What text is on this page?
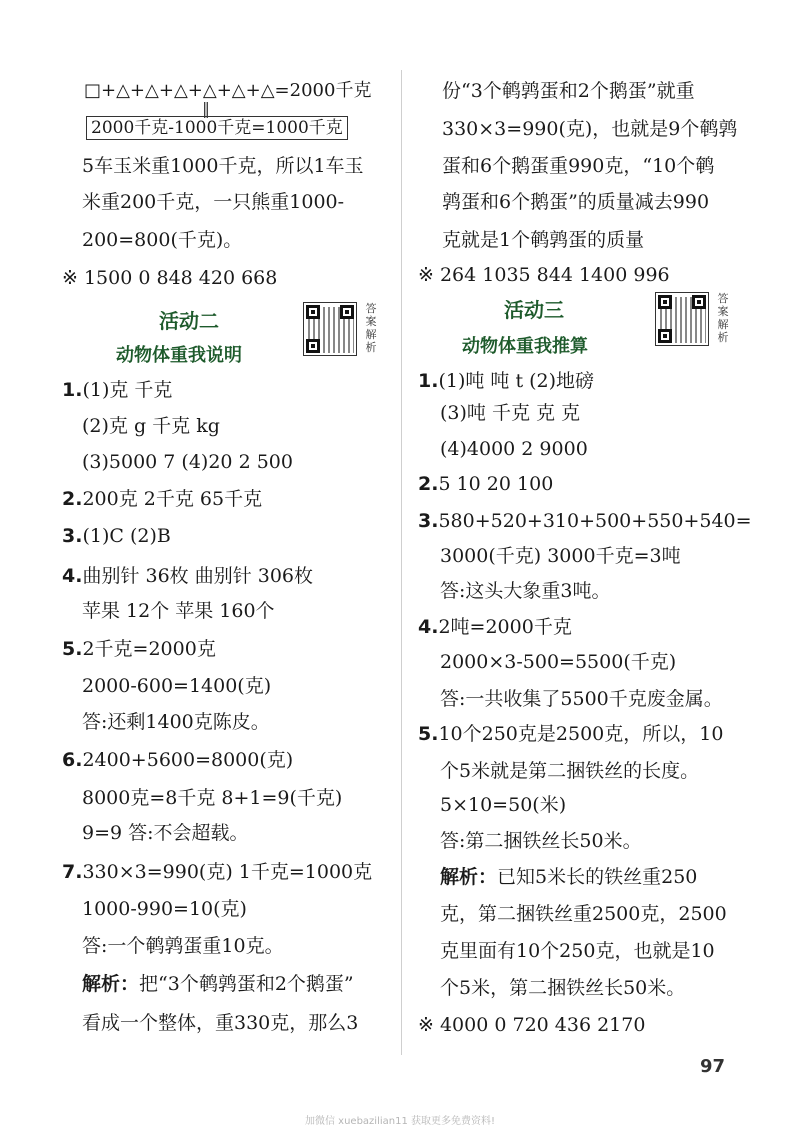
□+△+△+△+△+△+△=2000千克
‖
2000千克-1000千克=1000千克
5车玉米重1000千克，所以1车玉
米重200千克，一只熊重1000-
200=800(千克)。
※ 1500 0 848 420 668
活动二
动物体重我说明
答
案
解
析
1.(1)克 千克
(2)克 g 千克 kg
(3)5000 7 (4)20 2 500
2.200克 2千克 65千克
3.(1)C (2)B
4.曲别针 36枚 曲别针 306枚
苹果 12个 苹果 160个
5.2千克=2000克
2000-600=1400(克)
答:还剩1400克陈皮。
6.2400+5600=8000(克)
8000克=8千克 8+1=9(千克)
9=9 答:不会超载。
7.330×3=990(克) 1千克=1000克
1000-990=10(克)
答:一个鹌鹑蛋重10克。
解析：把“3个鹌鹑蛋和2个鹅蛋”
看成一个整体，重330克，那么3
份“3个鹌鹑蛋和2个鹅蛋”就重
330×3=990(克)，也就是9个鹌鹑
蛋和6个鹅蛋重990克，“10个鹌
鹑蛋和6个鹅蛋”的质量减去990
克就是1个鹌鹑蛋的质量
※ 264 1035 844 1400 996
活动三
动物体重我推算
答
案
解
析
1.(1)吨 吨 t (2)地磅
(3)吨 千克 克 克
(4)4000 2 9000
2.5 10 20 100
3.580+520+310+500+550+540=
3000(千克) 3000千克=3吨
答:这头大象重3吨。
4.2吨=2000千克
2000×3-500=5500(千克)
答:一共收集了5500千克废金属。
5.10个250克是2500克，所以，10
个5米就是第二捆铁丝的长度。
5×10=50(米)
答:第二捆铁丝长50米。
解析：已知5米长的铁丝重250
克，第二捆铁丝重2500克，2500
克里面有10个250克，也就是10
个5米，第二捆铁丝长50米。
※ 4000 0 720 436 2170
97
加微信 xuebazilian11 获取更多免费资料!
